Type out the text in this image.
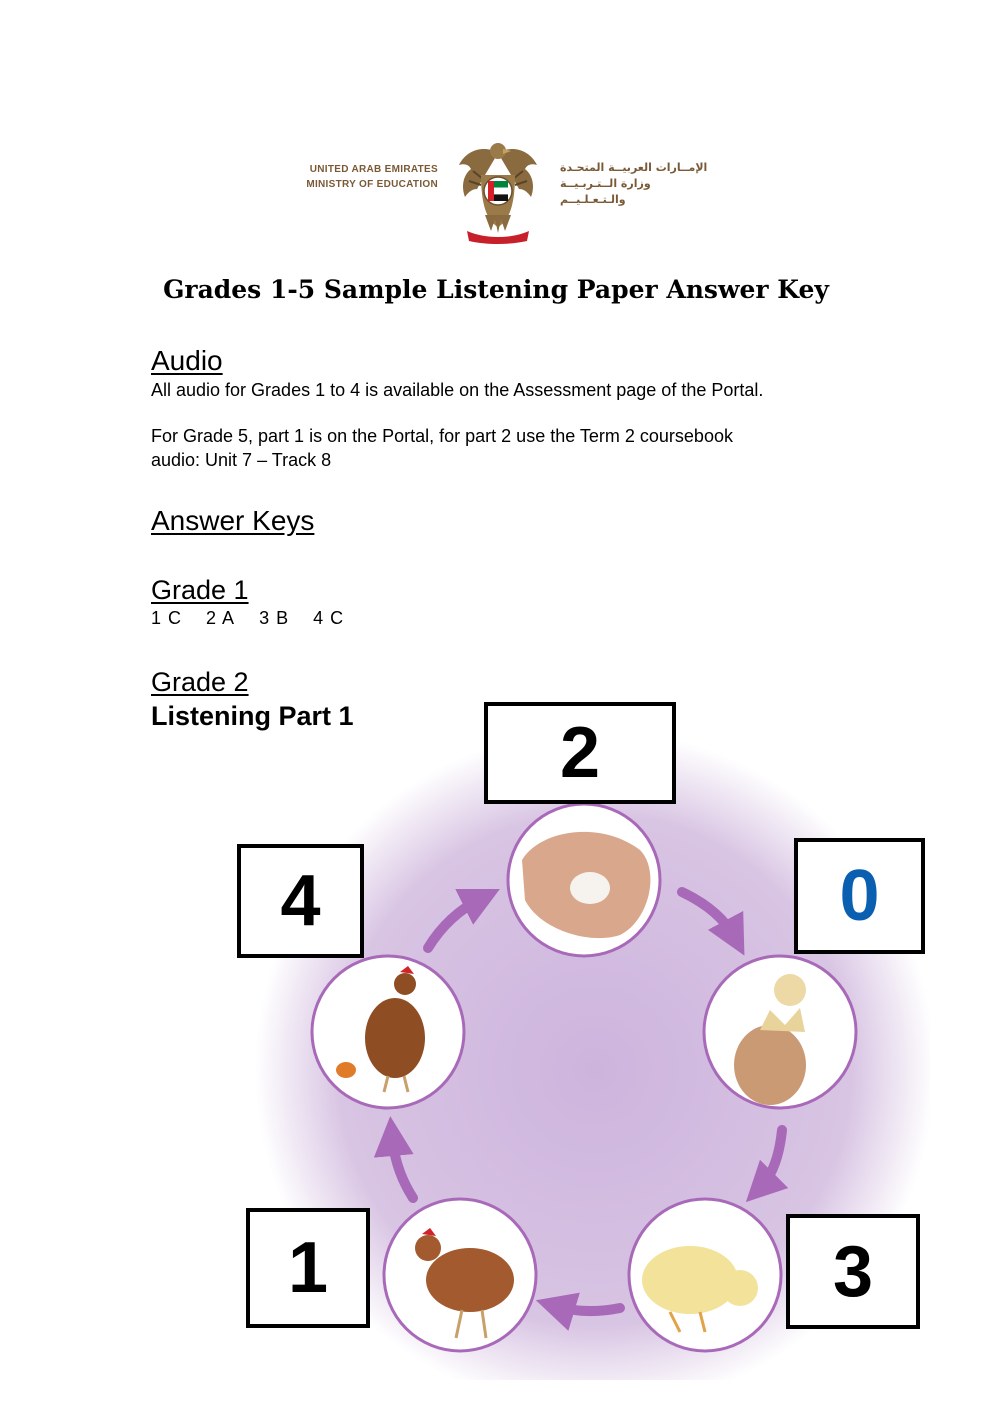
UNITED ARAB EMIRATES
MINISTRY OF EDUCATION
الإمــارات العربيــة المتحـدة
وزارة الــتـربـيــة والـتـعـلـيــم
Grades 1-5 Sample Listening Paper Answer Key
Audio
All audio for Grades 1 to 4 is available on the Assessment page of the Portal.
For Grade 5, part 1 is on the Portal, for part 2 use the Term 2 coursebook
audio: Unit 7 – Track 8
Answer Keys
Grade 1
1 C 2 A 3 B 4 C
Grade 2
Listening Part 1	2
0
3
1
4
